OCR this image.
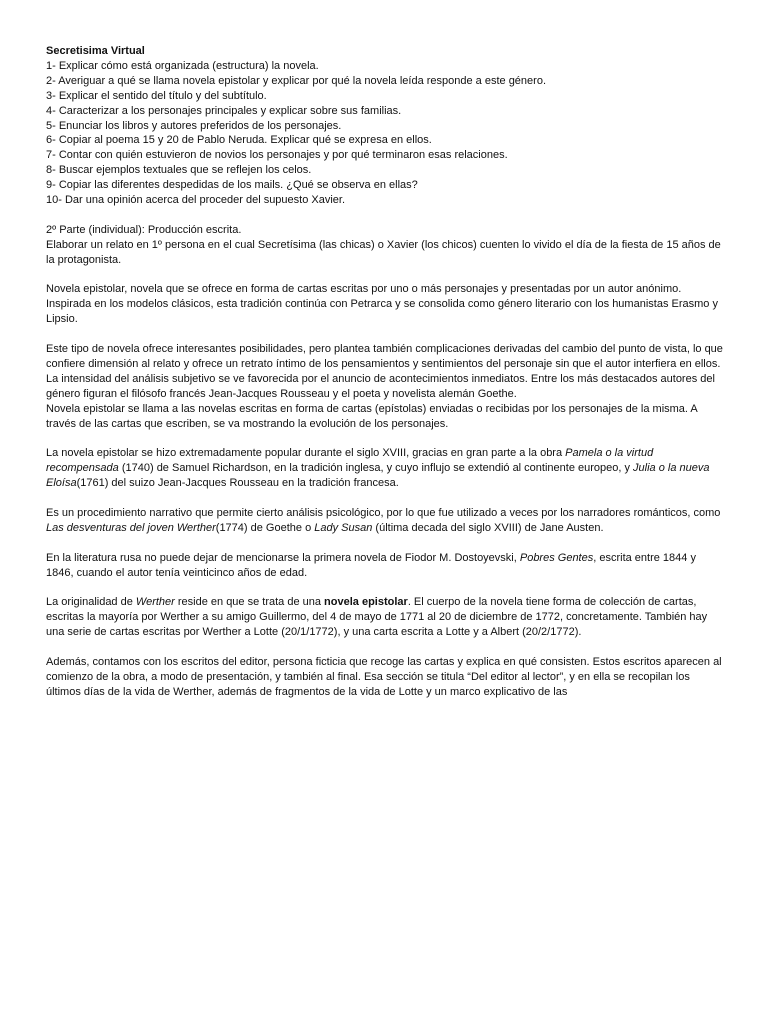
Secretisima Virtual
1- Explicar cómo está organizada (estructura) la novela.
2- Averiguar a qué se llama novela epistolar y explicar por qué la novela leída responde a este género.
3- Explicar el sentido del título y del subtítulo.
4- Caracterizar a los personajes principales y explicar sobre sus familias.
5- Enunciar los libros y autores preferidos de los personajes.
6- Copiar al poema 15 y 20 de Pablo Neruda. Explicar qué se expresa en ellos.
7- Contar con quién estuvieron de novios los personajes y por qué terminaron esas relaciones.
8- Buscar ejemplos textuales que se reflejen los celos.
9- Copiar las diferentes despedidas de los mails. ¿Qué se observa en ellas?
10- Dar una opinión acerca del proceder del supuesto Xavier.
2º Parte (individual): Producción escrita.

Elaborar un relato en 1º persona en el cual Secretísima (las chicas) o Xavier (los chicos) cuenten lo vivido el día de la fiesta de 15 años de la protagonista.

Novela epistolar, novela que se ofrece en forma de cartas escritas por uno o más personajes y presentadas por un autor anónimo. Inspirada en los modelos clásicos, esta tradición continúa con Petrarca y se consolida como género literario con los humanistas Erasmo y Lipsio.

Este tipo de novela ofrece interesantes posibilidades, pero plantea también complicaciones derivadas del cambio del punto de vista, lo que confiere dimensión al relato y ofrece un retrato íntimo de los pensamientos y sentimientos del personaje sin que el autor interfiera en ellos. La intensidad del análisis subjetivo se ve favorecida por el anuncio de acontecimientos inmediatos. Entre los más destacados autores del género figuran el filósofo francés Jean-Jacques Rousseau y el poeta y novelista alemán Goethe.

Novela epistolar se llama a las novelas escritas en forma de cartas (epístolas) enviadas o recibidas por los personajes de la misma. A través de las cartas que escriben, se va mostrando la evolución de los personajes.

La novela epistolar se hizo extremadamente popular durante el siglo XVIII, gracias en gran parte a la obra Pamela o la virtud recompensada (1740) de Samuel Richardson, en la tradición inglesa, y cuyo influjo se extendió al continente europeo, y Julia o la nueva Eloísa(1761) del suizo Jean-Jacques Rousseau en la tradición francesa.

Es un procedimiento narrativo que permite cierto análisis psicológico, por lo que fue utilizado a veces por los narradores románticos, como Las desventuras del joven Werther(1774) de Goethe o Lady Susan (última decada del siglo XVIII) de Jane Austen.

En la literatura rusa no puede dejar de mencionarse la primera novela de Fiodor M. Dostoyevski, Pobres Gentes, escrita entre 1844 y 1846, cuando el autor tenía veinticinco años de edad.

La originalidad de Werther reside en que se trata de una novela epistolar. El cuerpo de la novela tiene forma de colección de cartas, escritas la mayoría por Werther a su amigo Guillermo, del 4 de mayo de 1771 al 20 de diciembre de 1772, concretamente. También hay una serie de cartas escritas por Werther a Lotte (20/1/1772), y una carta escrita a Lotte y a Albert (20/2/1772).

Además, contamos con los escritos del editor, persona ficticia que recoge las cartas y explica en qué consisten. Estos escritos aparecen al comienzo de la obra, a modo de presentación, y también al final. Esa sección se titula “Del editor al lector”, y en ella se recopilan los últimos días de la vida de Werther, además de fragmentos de la vida de Lotte y un marco explicativo de las
